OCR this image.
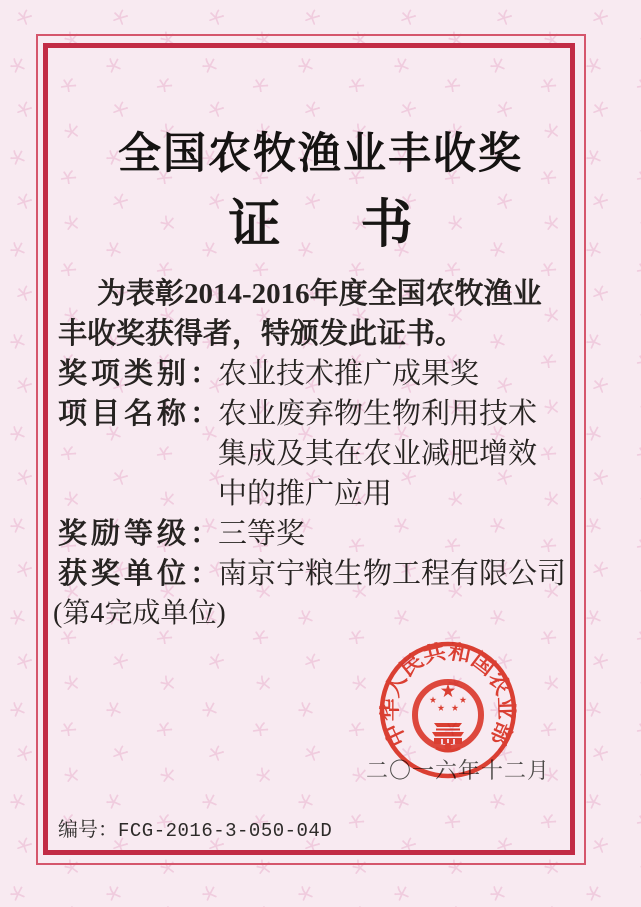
全国农牧渔业丰收奖
证书

为表彰2014-2016年度全国农牧渔业
丰收奖获得者，特颁发此证书。

奖项类别 ：
农业技术推广成果奖
项目名称 ：
农业废弃物生物利用技术
集成及其在农业减肥增效
中的推广应用
奖励等级 ：
三等奖
获奖单位 ：
南京宁粮生物工程有限公司
(第4完成单位)
二〇一六年十二月
中华人民共和国农业部
编号：FCG-2016-3-050-04D
